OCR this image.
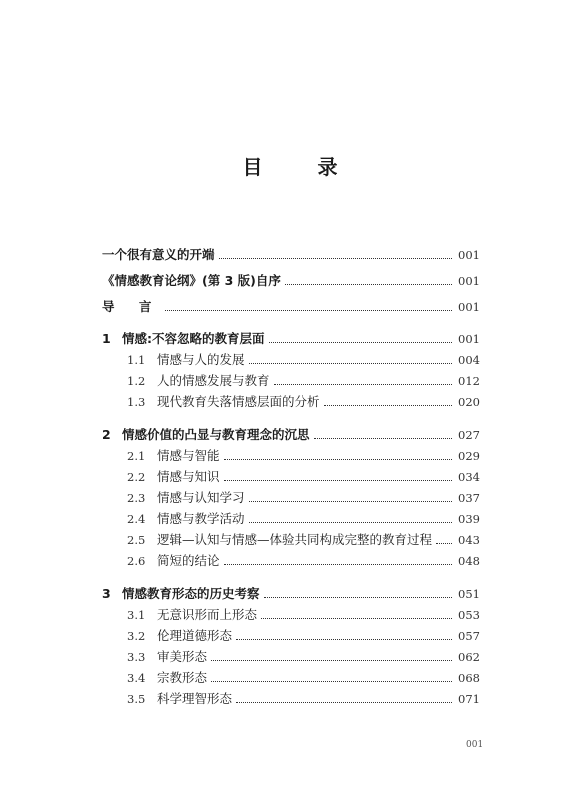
目 录
一个很有意义的开端	001
《情感教育论纲》(第 3 版)自序	001
导 言	001
1 情感:不容忽略的教育层面	001
1.1 情感与人的发展	004
1.2 人的情感发展与教育	012
1.3 现代教育失落情感层面的分析	020
2 情感价值的凸显与教育理念的沉思	027
2.1 情感与智能	029
2.2 情感与知识	034
2.3 情感与认知学习	037
2.4 情感与教学活动	039
2.5 逻辑—认知与情感—体验共同构成完整的教育过程 043
2.6 简短的结论	048
3 情感教育形态的历史考察	051
3.1 无意识形而上形态	053
3.2 伦理道德形态	057
3.3 审美形态	062
3.4 宗教形态	068
3.5 科学理智形态	071
001
